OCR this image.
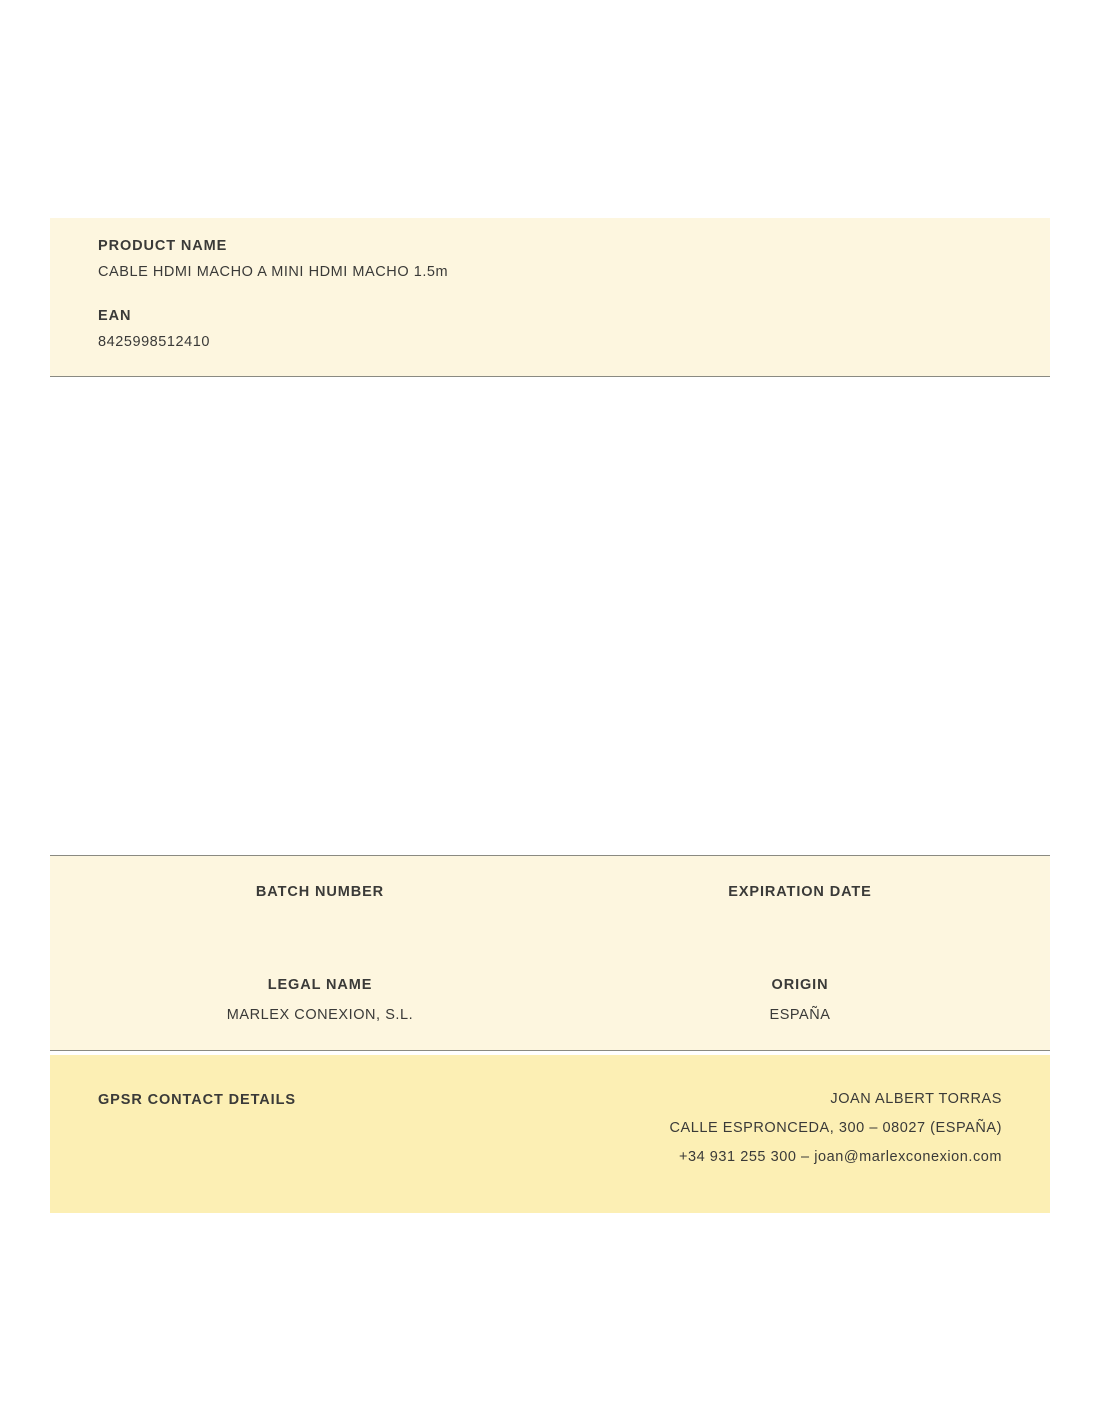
PRODUCT NAME

CABLE HDMI MACHO A MINI HDMI MACHO 1.5m

EAN

8425998512410

BATCH NUMBER	EXPIRATION DATE

LEGAL NAME

MARLEX CONEXION, S.L.

ORIGIN

ESPAÑA

GPSR CONTACT DETAILS	JOAN ALBERT TORRAS

CALLE ESPRONCEDA, 300 – 08027 (ESPAÑA)

+34 931 255 300 – joan@marlexconexion.com
